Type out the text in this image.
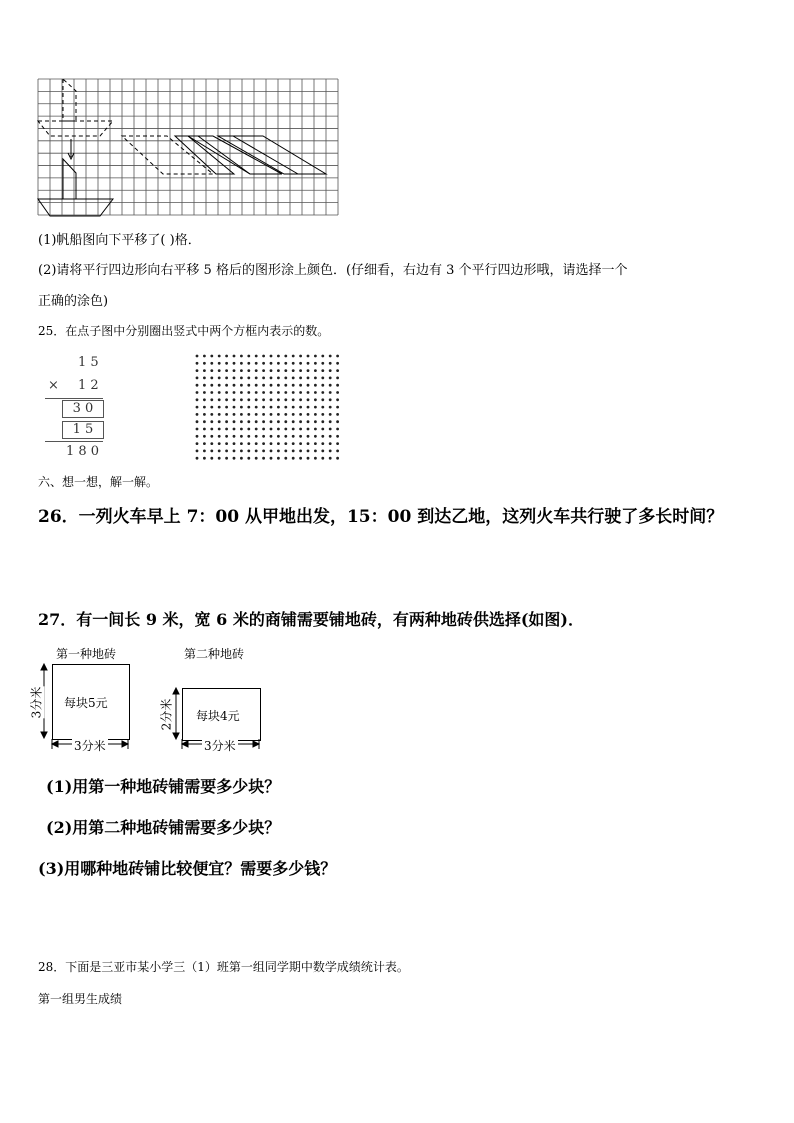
(1)帆船图向下平移了( )格．
(2)请将平行四边形向右平移 5 格后的图形涂上颜色．(仔细看，右边有 3 个平行四边形哦，请选择一个
正确的涂色)
25．在点子图中分别圈出竖式中两个方框内表示的数。
1 5
× 1 2
3 0
1 5
1 8 0
六、想一想，解一解。
26．一列火车早上 7：00 从甲地出发，15：00 到达乙地，这列火车共行驶了多长时间？
27．有一间长 9 米，宽 6 米的商铺需要铺地砖，有两种地砖供选择(如图)．
第一种地砖	第二种地砖
每块5元
每块4元
3分米
3分米
2分米
3分米
(1)用第一种地砖铺需要多少块？
(2)用第二种地砖铺需要多少块？
(3)用哪种地砖铺比较便宜？需要多少钱？
28．下面是三亚市某小学三（1）班第一组同学期中数学成绩统计表。
第一组男生成绩
